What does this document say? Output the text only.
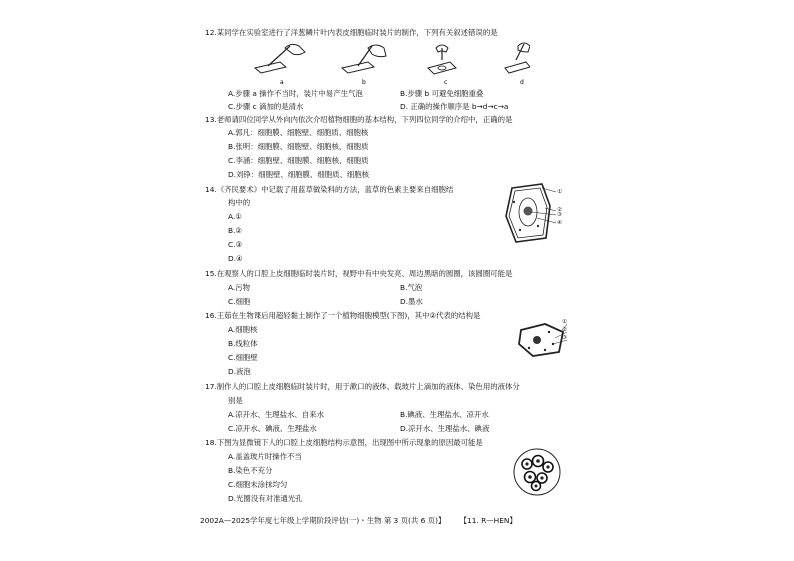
12.某同学在实验室进行了洋葱鳞片叶内表皮细胞临时装片的制作，下列有关叙述错误的是
a	b	c	d
A.步骤 a 操作不当时，装片中易产生气泡	B.步骤 b 可避免细胞重叠
C.步骤 c 滴加的是清水	D. 正确的操作顺序是 b→d→c→a
13.老师请四位同学从外向内依次介绍植物细胞的基本结构，下列四位同学的介绍中，正确的是
A.郭凡：细胞膜、细胞壁、细胞质、细胞核
B.张明：细胞膜、细胞壁、细胞核、细胞质
C.李涵：细胞壁、细胞膜、细胞核、细胞质
D.刘铮：细胞壁、细胞膜、细胞质、细胞核
14.《齐民要术》中记载了用蓝草做染料的方法，蓝草的色素主要来自细胞结
构中的
A.①
B.②
C.③
D.④
①
②
③
④
15.在观察人的口腔上皮细胞临时装片时，视野中有中央发亮、周边黑暗的圆圈，该圆圈可能是
A.污物	B.气泡
C.细胞	D.墨水
16.王茹在生物课后用超轻黏土制作了一个植物细胞模型(下图)，其中②代表的结构是
A.细胞核
B.线粒体
C.细胞壁
D.液泡
①
②
③
17.制作人的口腔上皮细胞临时装片时，用于漱口的液体、载玻片上滴加的液体、染色用的液体分
别是
A.凉开水、生理盐水、自来水	B.碘液、生理盐水、凉开水
C.凉开水、碘液、生理盐水	D.凉开水、生理盐水、碘液
18.下图为显微镜下人的口腔上皮细胞结构示意图，出现图中所示现象的原因最可能是
A.盖盖玻片时操作不当
B.染色不充分
C.细胞未涂抹均匀
D.光圈没有对准通光孔
2002A—2025学年度七年级上学期阶段评估(一)・生物 第 3 页(共 6 页)】 【11. R—HEN】
